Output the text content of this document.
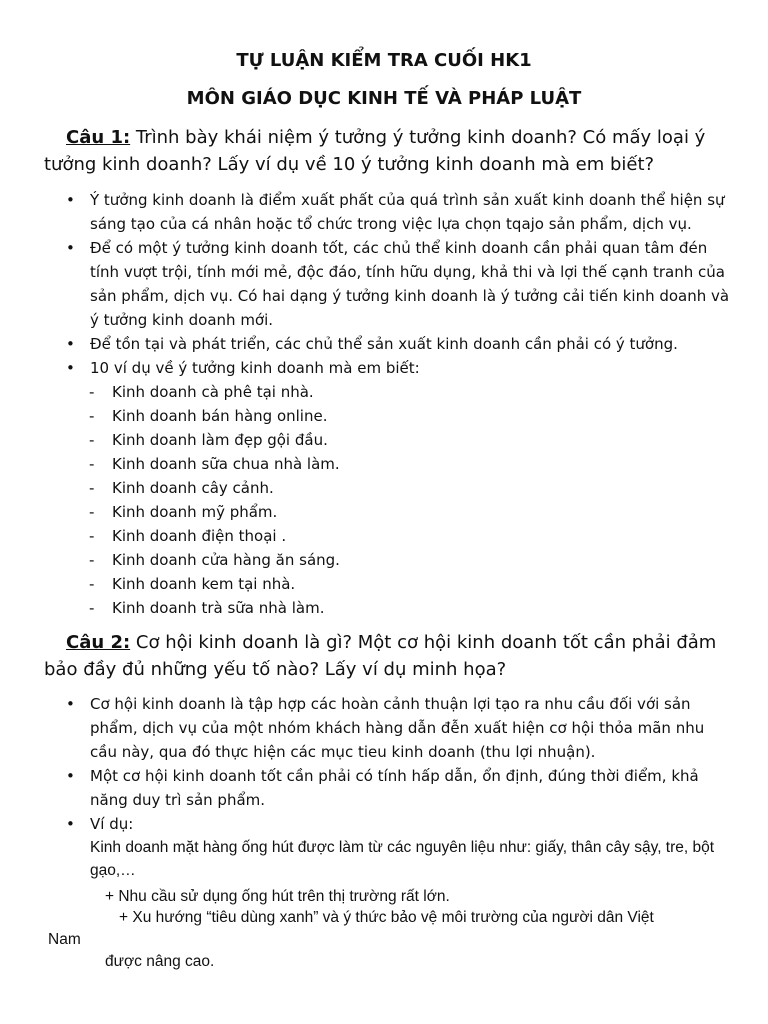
TỰ LUẬN KIỂM TRA CUỐI HK1
MÔN GIÁO DỤC KINH TẾ VÀ PHÁP LUẬT
Câu 1: Trình bày khái niệm ý tưởng ý tưởng kinh doanh? Có mấy loại ý tưởng kinh doanh? Lấy ví dụ về 10 ý tưởng kinh doanh mà em biết?
• Ý tưởng kinh doanh là điểm xuất phất của quá trình sản xuất kinh doanh thể hiện sự sáng tạo của cá nhân hoặc tổ chức trong việc lựa chọn tqajo sản phẩm, dịch vụ.
• Để có một ý tưởng kinh doanh tốt, các chủ thể kinh doanh cần phải quan tâm đén tính vượt trội, tính mới mẻ, độc đáo, tính hữu dụng, khả thi và lợi thế cạnh tranh của sản phẩm, dịch vụ. Có hai dạng ý tưởng kinh doanh là ý tưởng cải tiến kinh doanh và ý tưởng kinh doanh mới.
• Để tồn tại và phát triển, các chủ thể sản xuất kinh doanh cần phải có ý tưởng.
• 10 ví dụ về ý tưởng kinh doanh mà em biết:
- Kinh doanh cà phê tại nhà.
- Kinh doanh bán hàng online.
- Kinh doanh làm đẹp gội đầu.
- Kinh doanh sữa chua nhà làm.
- Kinh doanh cây cảnh.
- Kinh doanh mỹ phẩm.
- Kinh doanh điện thoại .
- Kinh doanh cửa hàng ăn sáng.
- Kinh doanh kem tại nhà.
- Kinh doanh trà sữa nhà làm.
Câu 2: Cơ hội kinh doanh là gì? Một cơ hội kinh doanh tốt cần phải đảm bảo đầy đủ những yếu tố nào? Lấy ví dụ minh họa?
• Cơ hội kinh doanh là tập hợp các hoàn cảnh thuận lợi tạo ra nhu cầu đối với sản phẩm, dịch vụ của một nhóm khách hàng dẫn đễn xuất hiện cơ hội thỏa mãn nhu cầu này, qua đó thực hiện các mục tieu kinh doanh (thu lợi nhuận).
• Một cơ hội kinh doanh tốt cần phải có tính hấp dẫn, ổn định, đúng thời điểm, khả năng duy trì sản phẩm.
• Ví dụ:
Kinh doanh mặt hàng ống hút được làm từ các nguyên liệu như: giấy, thân cây sậy, tre, bột gạo,…
+ Nhu cầu sử dụng ống hút trên thị trường rất lớn.
+ Xu hướng “tiêu dùng xanh” và ý thức bảo vệ môi trường của người dân Việt
Nam
được nâng cao.
